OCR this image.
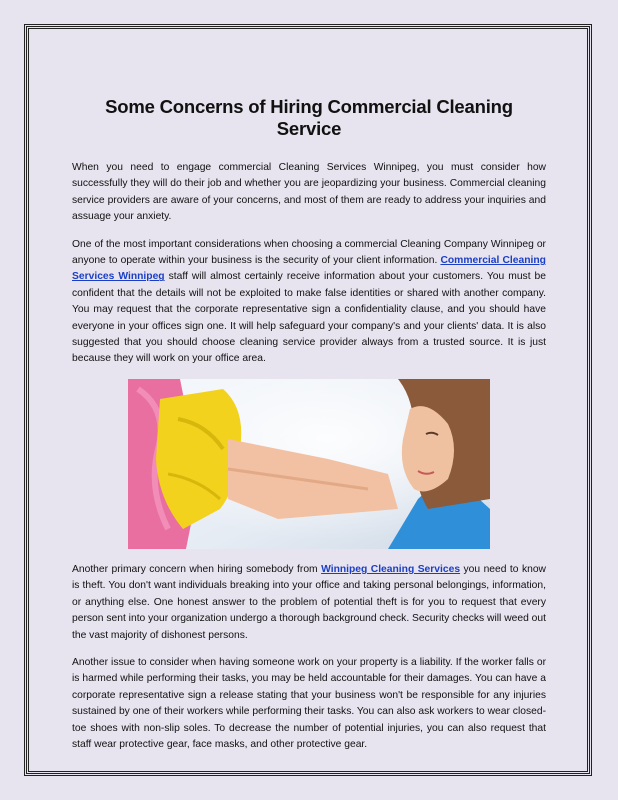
Some Concerns of Hiring Commercial Cleaning Service

When you need to engage commercial Cleaning Services Winnipeg, you must consider how successfully they will do their job and whether you are jeopardizing your business. Commercial cleaning service providers are aware of your concerns, and most of them are ready to address your inquiries and assuage your anxiety.

One of the most important considerations when choosing a commercial Cleaning Company Winnipeg or anyone to operate within your business is the security of your client information. Commercial Cleaning Services Winnipeg staff will almost certainly receive information about your customers. You must be confident that the details will not be exploited to make false identities or shared with another company. You may request that the corporate representative sign a confidentiality clause, and you should have everyone in your offices sign one. It will help safeguard your company's and your clients' data. It is also suggested that you should choose cleaning service provider always from a trusted source. It is just because they will work on your office area.

Another primary concern when hiring somebody from Winnipeg Cleaning Services you need to know is theft. You don't want individuals breaking into your office and taking personal belongings, information, or anything else. One honest answer to the problem of potential theft is for you to request that every person sent into your organization undergo a thorough background check. Security checks will weed out the vast majority of dishonest persons.

Another issue to consider when having someone work on your property is a liability. If the worker falls or is harmed while performing their tasks, you may be held accountable for their damages. You can have a corporate representative sign a release stating that your business won't be responsible for any injuries sustained by one of their workers while performing their tasks. You can also ask workers to wear closed-toe shoes with non-slip soles. To decrease the number of potential injuries, you can also request that staff wear protective gear, face masks, and other protective gear.
